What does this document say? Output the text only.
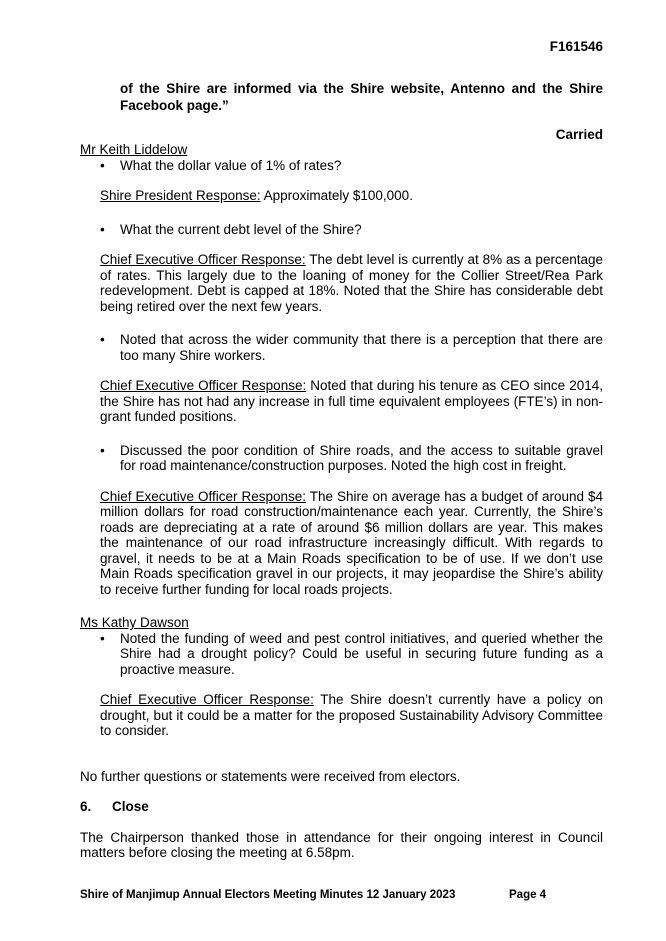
F161546
of the Shire are informed via the Shire website, Antenno and the Shire Facebook page.”
Carried

Mr Keith Liddelow

• What the dollar value of 1% of rates?
Shire President Response: Approximately $100,000.
• What the current debt level of the Shire?
Chief Executive Officer Response: The debt level is currently at 8% as a percentage of rates. This largely due to the loaning of money for the Collier Street/Rea Park redevelopment. Debt is capped at 18%. Noted that the Shire has considerable debt being retired over the next few years.
• Noted that across the wider community that there is a perception that there are too many Shire workers.
Chief Executive Officer Response: Noted that during his tenure as CEO since 2014, the Shire has not had any increase in full time equivalent employees (FTE’s) in non-grant funded positions.
• Discussed the poor condition of Shire roads, and the access to suitable gravel for road maintenance/construction purposes. Noted the high cost in freight.
Chief Executive Officer Response: The Shire on average has a budget of around $4 million dollars for road construction/maintenance each year. Currently, the Shire’s roads are depreciating at a rate of around $6 million dollars are year. This makes the maintenance of our road infrastructure increasingly difficult. With regards to gravel, it needs to be at a Main Roads specification to be of use. If we don’t use Main Roads specification gravel in our projects, it may jeopardise the Shire’s ability to receive further funding for local roads projects.

Ms Kathy Dawson

• Noted the funding of weed and pest control initiatives, and queried whether the Shire had a drought policy? Could be useful in securing future funding as a proactive measure.
Chief Executive Officer Response: The Shire doesn’t currently have a policy on drought, but it could be a matter for the proposed Sustainability Advisory Committee to consider.

No further questions or statements were received from electors.

6.	Close

The Chairperson thanked those in attendance for their ongoing interest in Council matters before closing the meeting at 6.58pm.

Shire of Manjimup Annual Electors Meeting Minutes 12 January 2023	Page 4
